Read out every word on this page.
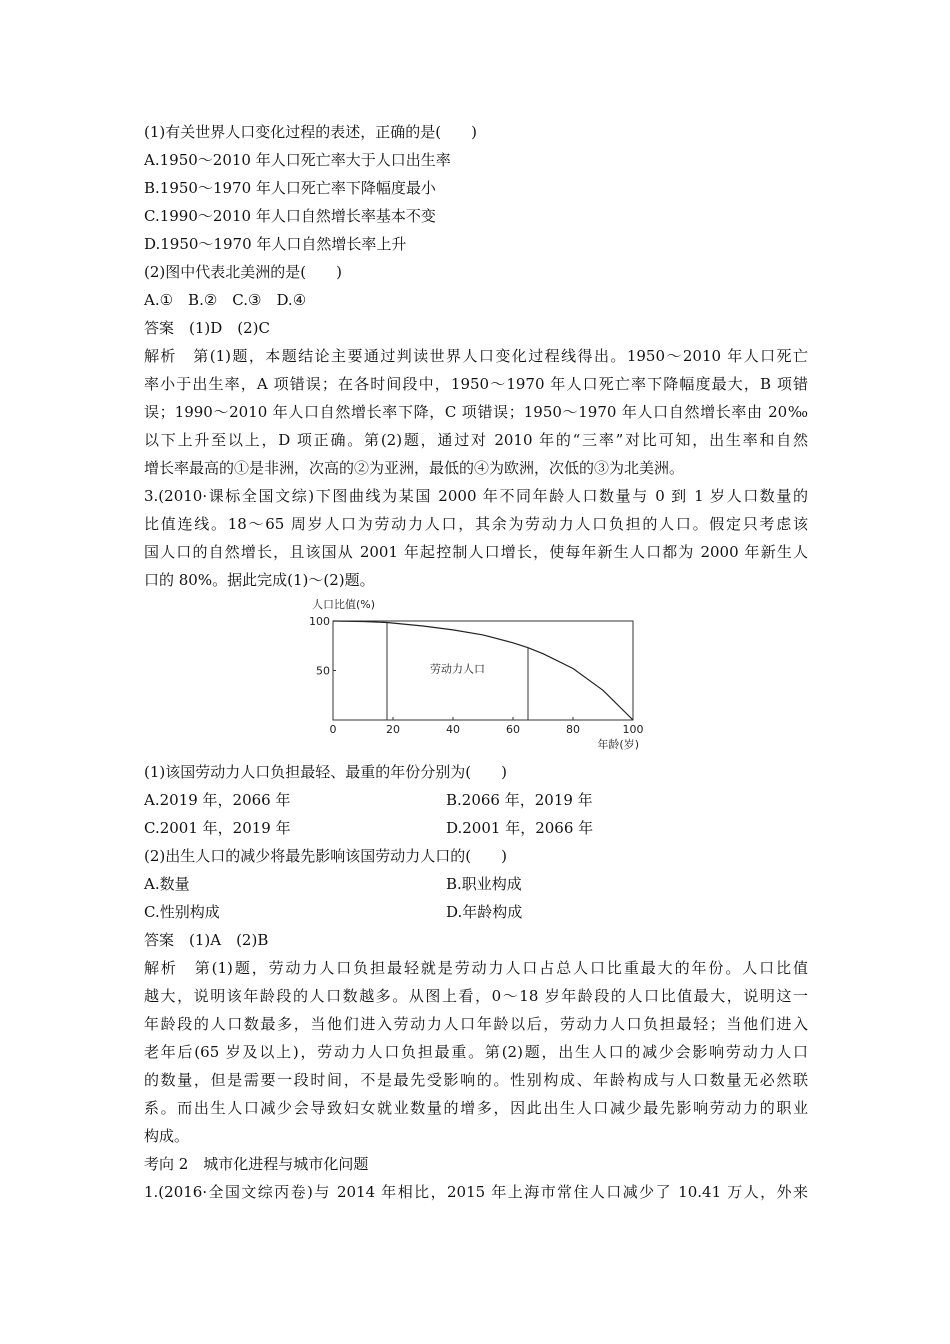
(1)有关世界人口变化过程的表述，正确的是(　　)
A.1950～2010 年人口死亡率大于人口出生率
B.1950～1970 年人口死亡率下降幅度最小
C.1990～2010 年人口自然增长率基本不变
D.1950～1970 年人口自然增长率上升
(2)图中代表北美洲的是(　　)
A.①　B.②　C.③　D.④
答案　(1)D　(2)C
解析　第(1)题，本题结论主要通过判读世界人口变化过程线得出。1950～2010 年人口死亡
率小于出生率，A 项错误；在各时间段中，1950～1970 年人口死亡率下降幅度最大，B 项错
误；1990～2010 年人口自然增长率下降，C 项错误；1950～1970 年人口自然增长率由 20‰
以下上升至以上，D 项正确。第(2)题，通过对 2010 年的“三率”对比可知，出生率和自然
增长率最高的①是非洲，次高的②为亚洲，最低的④为欧洲，次低的③为北美洲。
3.(2010·课标全国文综)下图曲线为某国 2000 年不同年龄人口数量与 0 到 1 岁人口数量的
比值连线。18～65 周岁人口为劳动力人口，其余为劳动力人口负担的人口。假定只考虑该
国人口的自然增长，且该国从 2001 年起控制人口增长，使每年新生人口都为 2000 年新生人
口的 80%。据此完成(1)～(2)题。
人口比值(%)
50
100
0	20	40	60	80	100
劳动力人口
年龄(岁)
(1)该国劳动力人口负担最轻、最重的年份分别为(　　)
A.2019 年，2066 年	B.2066 年，2019 年
C.2001 年，2019 年	D.2001 年，2066 年
(2)出生人口的减少将最先影响该国劳动力人口的(　　)
A.数量	B.职业构成
C.性别构成	D.年龄构成
答案　(1)A　(2)B
解析　第(1)题，劳动力人口负担最轻就是劳动力人口占总人口比重最大的年份。人口比值
越大，说明该年龄段的人口数越多。从图上看，0～18 岁年龄段的人口比值最大，说明这一
年龄段的人口数最多，当他们进入劳动力人口年龄以后，劳动力人口负担最轻；当他们进入
老年后(65 岁及以上)，劳动力人口负担最重。第(2)题，出生人口的减少会影响劳动力人口
的数量，但是需要一段时间，不是最先受影响的。性别构成、年龄构成与人口数量无必然联
系。而出生人口减少会导致妇女就业数量的增多，因此出生人口减少最先影响劳动力的职业
构成。
考向 2　城市化进程与城市化问题
1.(2016·全国文综丙卷)与 2014 年相比，2015 年上海市常住人口减少了 10.41 万人，外来
